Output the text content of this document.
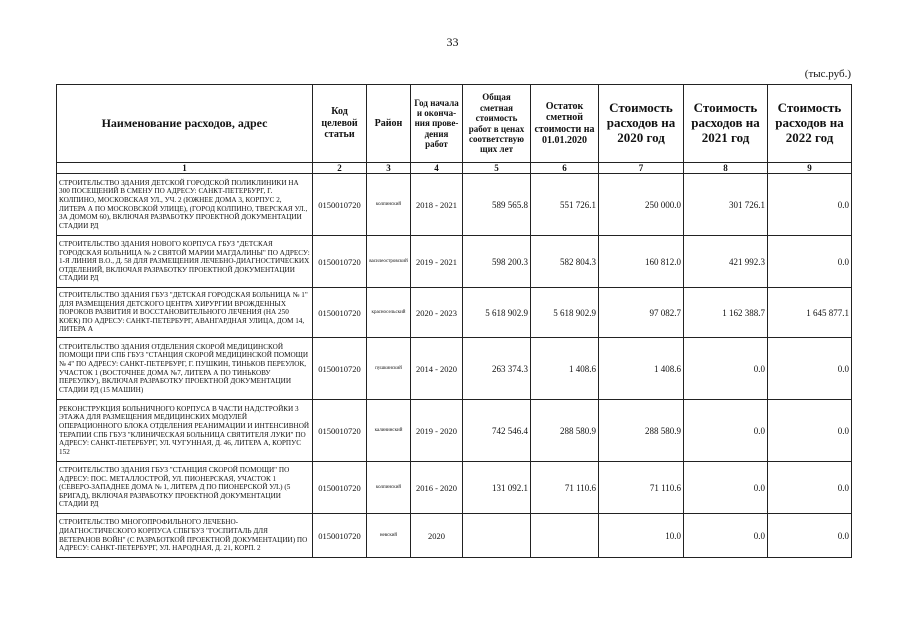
33
(тыс.руб.)
Наименование расходов, адрес	Код целевой статьи	Район	Год начала и оконча-ния прове-дения работ	Общая сметная стоимость работ в ценах соответствую щих лет	Остаток сметной стоимости на 01.01.2020	Стоимость расходов на 2020 год	Стоимость расходов на 2021 год	Стоимость расходов на 2022 год
1	2	3	4	5	6	7	8	9
СТРОИТЕЛЬСТВО ЗДАНИЯ ДЕТСКОЙ ГОРОДСКОЙ ПОЛИКЛИНИКИ НА 300 ПОСЕЩЕНИЙ В СМЕНУ ПО АДРЕСУ: САНКТ-ПЕТЕРБУРГ, Г. КОЛПИНО, МОСКОВСКАЯ УЛ., УЧ. 2 (ЮЖНЕЕ ДОМА 3, КОРПУС 2, ЛИТЕРА А ПО МОСКОВСКОЙ УЛИЦЕ), (ГОРОД КОЛПИНО, ТВЕРСКАЯ УЛ., ЗА ДОМОМ 60), ВКЛЮЧАЯ РАЗРАБОТКУ ПРОЕКТНОЙ ДОКУМЕНТАЦИИ СТАДИИ РД	0150010720	колпинский	2018 - 2021	589 565.8	551 726.1	250 000.0	301 726.1	0.0
СТРОИТЕЛЬСТВО ЗДАНИЯ НОВОГО КОРПУСА ГБУЗ "ДЕТСКАЯ ГОРОДСКАЯ БОЛЬНИЦА № 2 СВЯТОЙ МАРИИ МАГДАЛИНЫ" ПО АДРЕСУ: 1-Я ЛИНИЯ В.О., Д. 58 ДЛЯ РАЗМЕЩЕНИЯ ЛЕЧЕБНО-ДИАГНОСТИЧЕСКИХ ОТДЕЛЕНИЙ, ВКЛЮЧАЯ РАЗРАБОТКУ ПРОЕКТНОЙ ДОКУМЕНТАЦИИ СТАДИИ РД	0150010720	василеостровский	2019 - 2021	598 200.3	582 804.3	160 812.0	421 992.3	0.0
СТРОИТЕЛЬСТВО ЗДАНИЯ ГБУЗ "ДЕТСКАЯ ГОРОДСКАЯ БОЛЬНИЦА № 1" ДЛЯ РАЗМЕЩЕНИЯ ДЕТСКОГО ЦЕНТРА ХИРУРГИИ ВРОЖДЕННЫХ ПОРОКОВ РАЗВИТИЯ И ВОССТАНОВИТЕЛЬНОГО ЛЕЧЕНИЯ (НА 250 КОЕК) ПО АДРЕСУ: САНКТ-ПЕТЕРБУРГ, АВАНГАРДНАЯ УЛИЦА, ДОМ 14, ЛИТЕРА А	0150010720	красносельский	2020 - 2023	5 618 902.9	5 618 902.9	97 082.7	1 162 388.7	1 645 877.1
СТРОИТЕЛЬСТВО ЗДАНИЯ ОТДЕЛЕНИЯ СКОРОЙ МЕДИЦИНСКОЙ ПОМОЩИ ПРИ СПБ ГБУЗ "СТАНЦИЯ СКОРОЙ МЕДИЦИНСКОЙ ПОМОЩИ № 4" ПО АДРЕСУ: САНКТ-ПЕТЕРБУРГ, Г. ПУШКИН, ТИНЬКОВ ПЕРЕУЛОК, УЧАСТОК 1 (ВОСТОЧНЕЕ ДОМА №7, ЛИТЕРА А ПО ТИНЬКОВУ ПЕРЕУЛКУ), ВКЛЮЧАЯ РАЗРАБОТКУ ПРОЕКТНОЙ ДОКУМЕНТАЦИИ СТАДИИ РД (15 МАШИН)	0150010720	пушкинский	2014 - 2020	263 374.3	1 408.6	1 408.6	0.0	0.0
РЕКОНСТРУКЦИЯ БОЛЬНИЧНОГО КОРПУСА В ЧАСТИ НАДСТРОЙКИ 3 ЭТАЖА ДЛЯ РАЗМЕЩЕНИЯ МЕДИЦИНСКИХ МОДУЛЕЙ ОПЕРАЦИОННОГО БЛОКА ОТДЕЛЕНИЯ РЕАНИМАЦИИ И ИНТЕНСИВНОЙ ТЕРАПИИ СПБ ГБУЗ "КЛИНИЧЕСКАЯ БОЛЬНИЦА СВЯТИТЕЛЯ ЛУКИ" ПО АДРЕСУ: САНКТ-ПЕТЕРБУРГ, УЛ. ЧУГУННАЯ, Д. 46, ЛИТЕРА А, КОРПУС 152	0150010720	калининский	2019 - 2020	742 546.4	288 580.9	288 580.9	0.0	0.0
СТРОИТЕЛЬСТВО ЗДАНИЯ ГБУЗ "СТАНЦИЯ СКОРОЙ ПОМОЩИ" ПО АДРЕСУ: ПОС. МЕТАЛЛОСТРОЙ, УЛ. ПИОНЕРСКАЯ, УЧАСТОК 1 (СЕВЕРО-ЗАПАДНЕЕ ДОМА № 1, ЛИТЕРА Д ПО ПИОНЕРСКОЙ УЛ.) (5 БРИГАД), ВКЛЮЧАЯ РАЗРАБОТКУ ПРОЕКТНОЙ ДОКУМЕНТАЦИИ СТАДИИ РД	0150010720	колпинский	2016 - 2020	131 092.1	71 110.6	71 110.6	0.0	0.0
СТРОИТЕЛЬСТВО МНОГОПРОФИЛЬНОГО ЛЕЧЕБНО-ДИАГНОСТИЧЕСКОГО КОРПУСА СПБГБУЗ "ГОСПИТАЛЬ ДЛЯ ВЕТЕРАНОВ ВОЙН" (С РАЗРАБОТКОЙ ПРОЕКТНОЙ ДОКУМЕНТАЦИИ) ПО АДРЕСУ: САНКТ-ПЕТЕРБУРГ, УЛ. НАРОДНАЯ, Д. 21, КОРП. 2	0150010720	невский	2020			10.0	0.0	0.0
